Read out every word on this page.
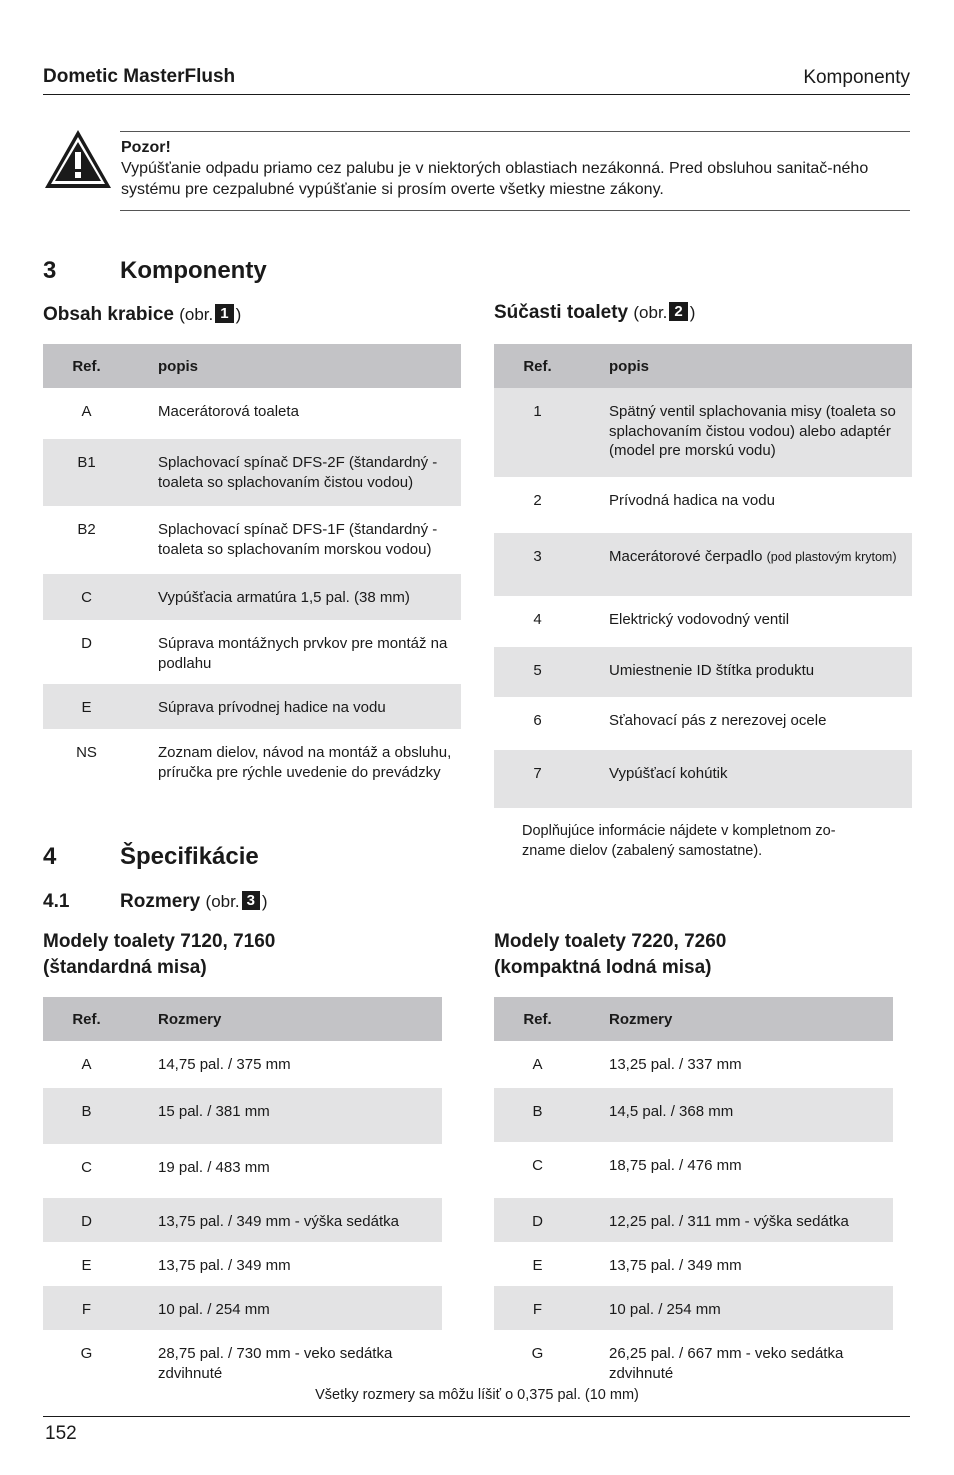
Dometic MasterFlush	Komponenty
Pozor!
Vypúšťanie odpadu priamo cez palubu je v niektorých oblastiach nezákonná. Pred obsluhou sanitač-ného systému pre cezpalubné vypúšťanie si prosím overte všetky miestne zákony.
3	Komponenty
Obsah krabice (obr. 1 )
Ref.	popis
A	Macerátorová toaleta
B1	Splachovací spínač DFS-2F (štandardný - toaleta so splachovaním čistou vodou)
B2	Splachovací spínač DFS-1F (štandardný - toaleta so splachovaním morskou vodou)
C	Vypúšťacia armatúra 1,5 pal. (38 mm)
D	Súprava montážnych prvkov pre montáž na podlahu
E	Súprava prívodnej hadice na vodu
NS	Zoznam dielov, návod na montáž a obsluhu, príručka pre rýchle uvedenie do prevádzky
Súčasti toalety (obr. 2 )
Ref.	popis
1	Spätný ventil splachovania misy (toaleta so splachovaním čistou vodou) alebo adaptér (model pre morskú vodu)
2	Prívodná hadica na vodu
3	Macerátorové čerpadlo (pod plastovým krytom)
4	Elektrický vodovodný ventil
5	Umiestnenie ID štítka produktu
6	Sťahovací pás z nerezovej ocele
7	Vypúšťací kohútik
Doplňujúce informácie nájdete v kompletnom zo-zname dielov (zabalený samostatne).
4	Špecifikácie
4.1	Rozmery (obr. 3 )
Modely toalety 7120, 7160
(štandardná misa)
Modely toalety 7220, 7260
(kompaktná lodná misa)
Ref.	Rozmery
A	14,75 pal. / 375 mm
B	15 pal. / 381 mm
C	19 pal. / 483 mm
D	13,75 pal. / 349 mm - výška sedátka
E	13,75 pal. / 349 mm
F	10 pal. / 254 mm
G	28,75 pal. / 730 mm - veko sedátka zdvihnuté
Ref.	Rozmery
A	13,25 pal. / 337 mm
B	14,5 pal. / 368 mm
C	18,75 pal. / 476 mm
D	12,25 pal. / 311 mm - výška sedátka
E	13,75 pal. / 349 mm
F	10 pal. / 254 mm
G	26,25 pal. / 667 mm - veko sedátka zdvihnuté
Všetky rozmery sa môžu líšiť o 0,375 pal. (10 mm)
152
